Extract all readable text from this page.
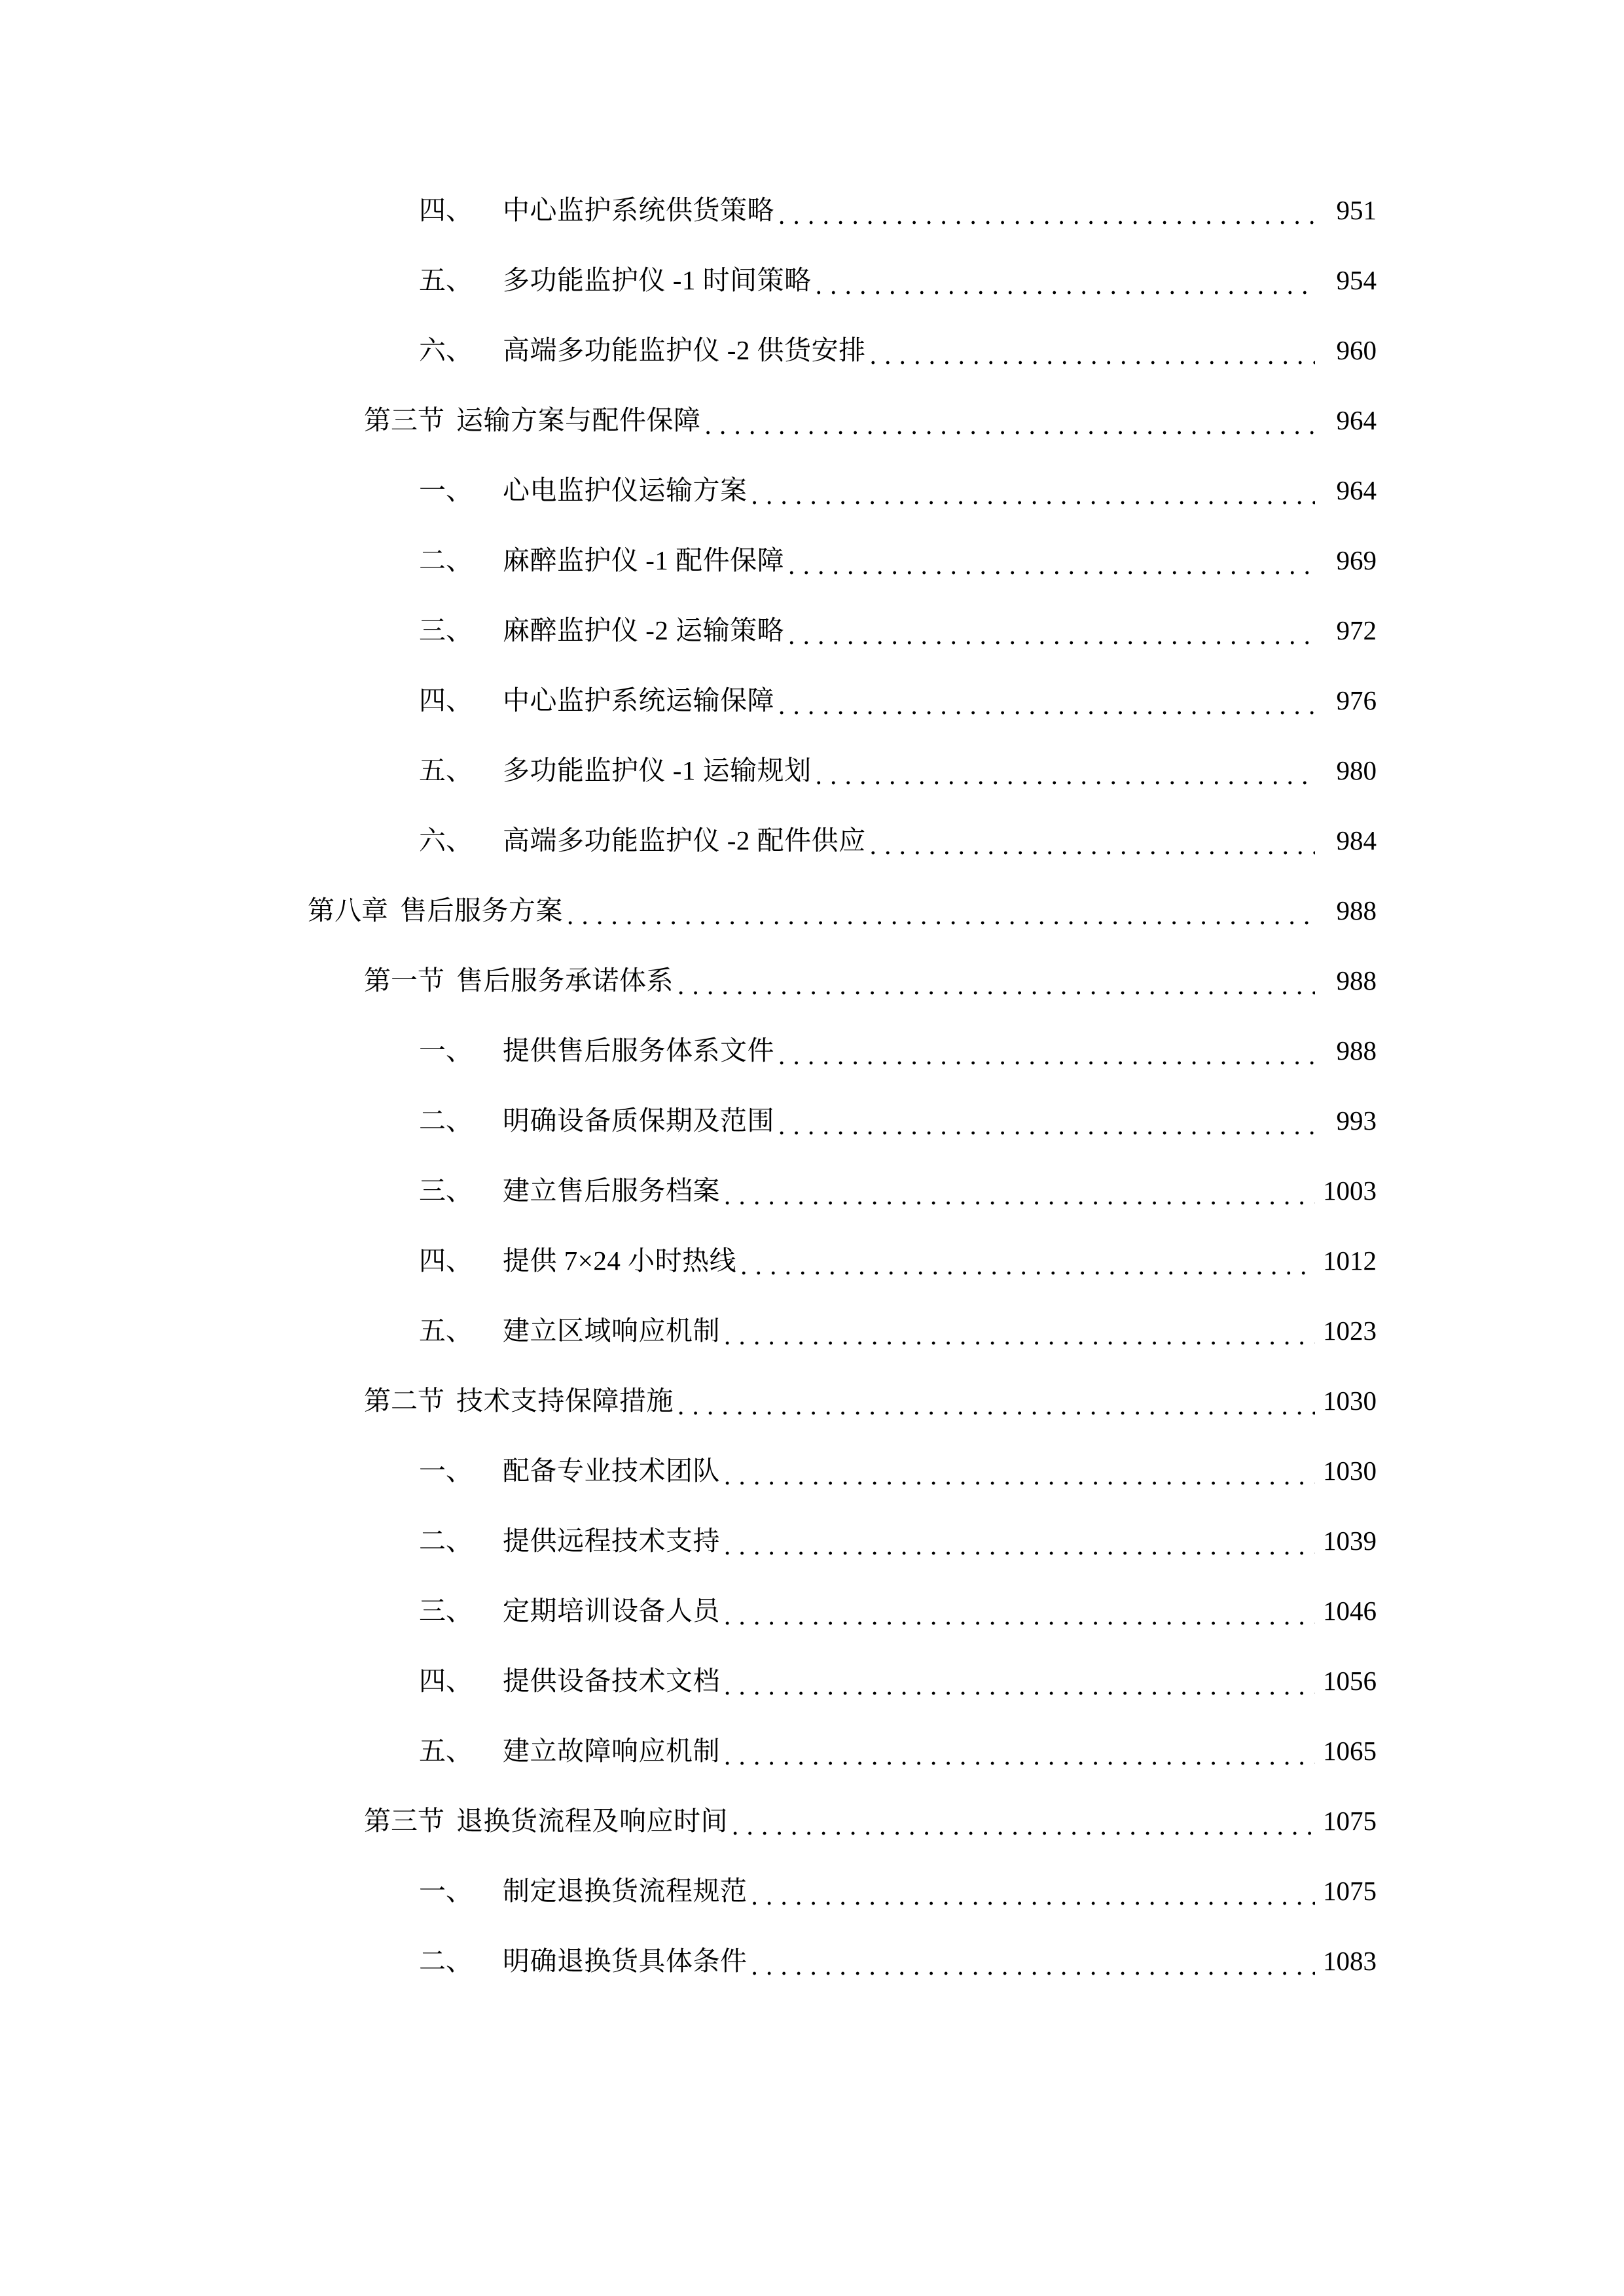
四、	中心监护系统供货策略 . . .	951
五、	多功能监护仪 -1 时间策略 . . .	954
六、	高端多功能监护仪 -2 供货安排 . . .	960
第三节 运输方案与配件保障 . . .	964
一、	心电监护仪运输方案 . . .	964
二、	麻醉监护仪 -1 配件保障 . . .	969
三、	麻醉监护仪 -2 运输策略 . . .	972
四、	中心监护系统运输保障 . . .	976
五、	多功能监护仪 -1 运输规划 . . .	980
六、	高端多功能监护仪 -2 配件供应 . . .	984
第八章 售后服务方案 . . .	988
第一节 售后服务承诺体系 . . .	988
一、	提供售后服务体系文件 . . .	988
二、	明确设备质保期及范围 . . .	993
三、	建立售后服务档案 . . .	1003
四、	提供 7×24 小时热线 . . .	1012
五、	建立区域响应机制 . . .	1023
第二节 技术支持保障措施 . . .	1030
一、	配备专业技术团队 . . .	1030
二、	提供远程技术支持 . . .	1039
三、	定期培训设备人员 . . .	1046
四、	提供设备技术文档 . . .	1056
五、	建立故障响应机制 . . .	1065
第三节 退换货流程及响应时间 . . .	1075
一、	制定退换货流程规范 . . .	1075
二、	明确退换货具体条件 . . .	1083
